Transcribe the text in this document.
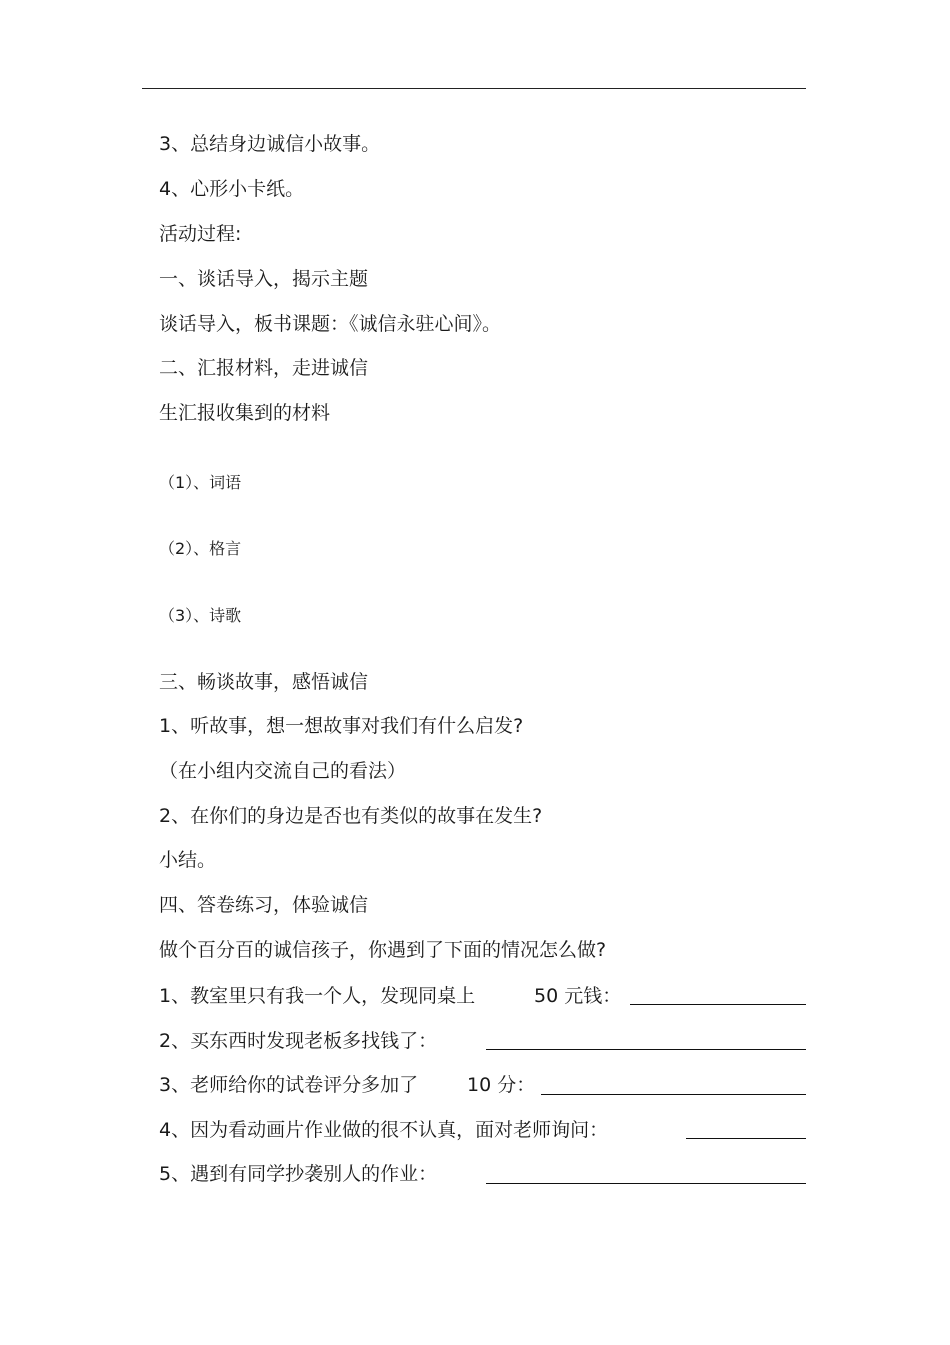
3、总结身边诚信小故事。
4、心形小卡纸。
活动过程:
一、谈话导入，揭示主题
谈话导入，板书课题：《诚信永驻心间》。
二、汇报材料，走进诚信
生汇报收集到的材料
（1）、词语
（2）、格言
（3）、诗歌
三、畅谈故事，感悟诚信
1、听故事，想一想故事对我们有什么启发?
（在小组内交流自己的看法）
2、在你们的身边是否也有类似的故事在发生?
小结。
四、答卷练习，体验诚信
做个百分百的诚信孩子，你遇到了下面的情况怎么做?
1、教室里只有我一个人，发现同桌上	50 元钱：
2、买东西时发现老板多找钱了：
3、老师给你的试卷评分多加了	10 分：
4、因为看动画片作业做的很不认真，面对老师询问：
5、遇到有同学抄袭别人的作业：
